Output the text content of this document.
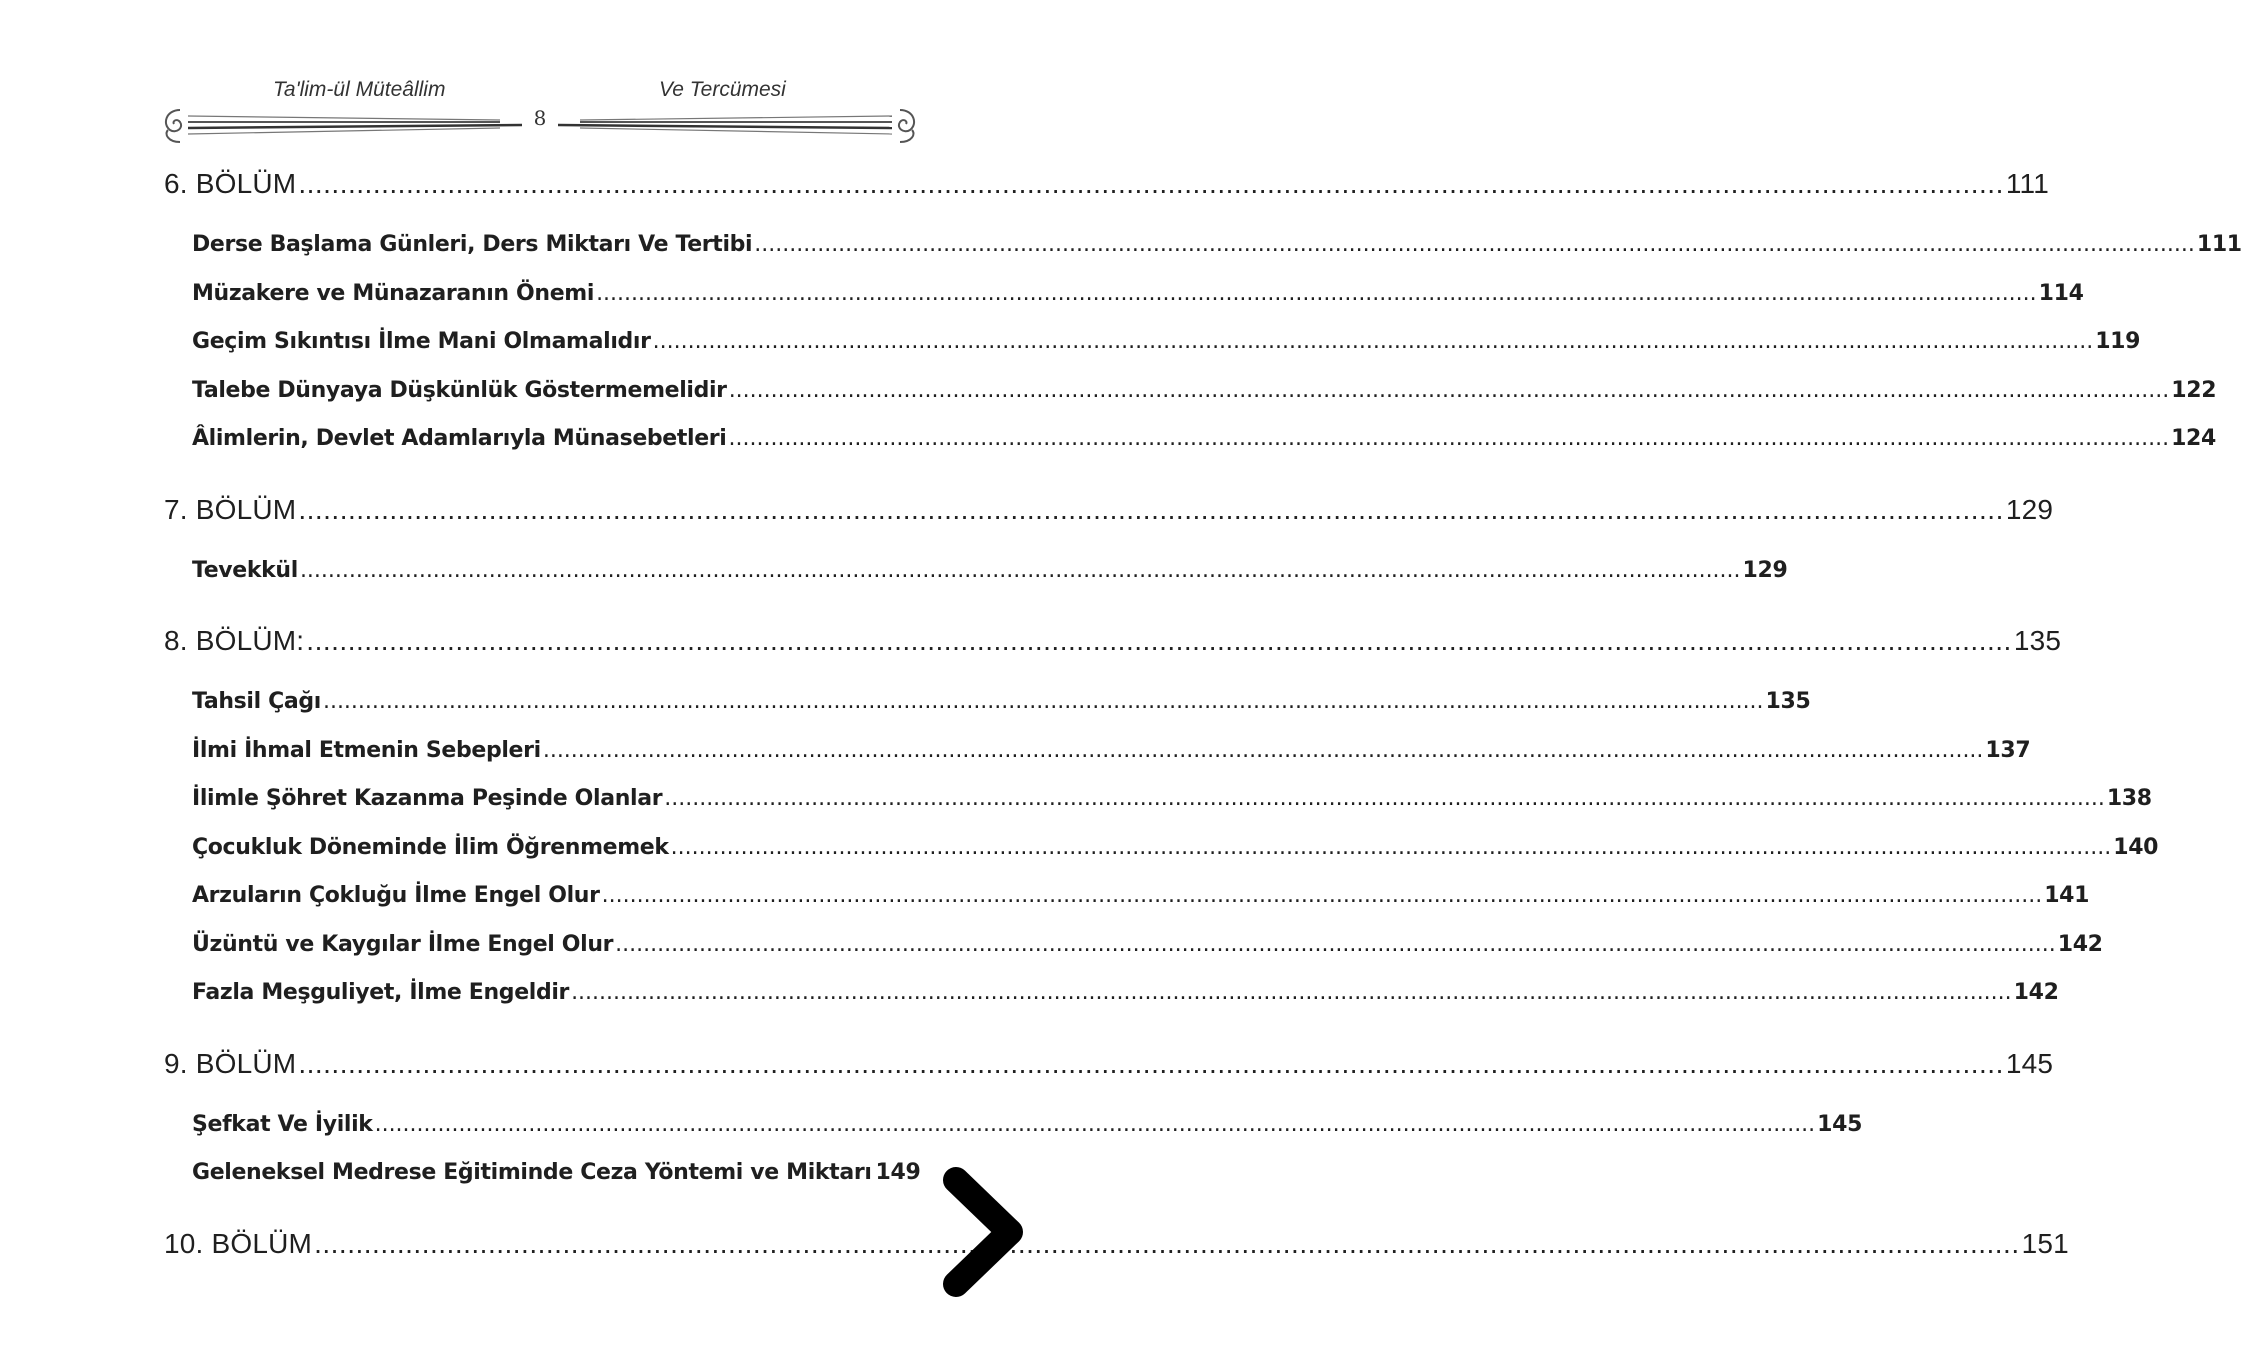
Ta'lim-ül Müteâllim	Ve Tercümesi
8
6. BÖLÜM .....	111
Derse Başlama Günleri, Ders Miktarı Ve Tertibi .....	111
Müzakere ve Münazaranın Önemi .....	114
Geçim Sıkıntısı İlme Mani Olmamalıdır .....	119
Talebe Dünyaya Düşkünlük Göstermemelidir .....	122
Âlimlerin, Devlet Adamlarıyla Münasebetleri .....	124
7. BÖLÜM .....	129
Tevekkül .....	129
8. BÖLÜM: .....	135
Tahsil Çağı .....	135
İlmi İhmal Etmenin Sebepleri .....	137
İlimle Şöhret Kazanma Peşinde Olanlar .....	138
Çocukluk Döneminde İlim Öğrenmemek .....	140
Arzuların Çokluğu İlme Engel Olur .....	141
Üzüntü ve Kaygılar İlme Engel Olur .....	142
Fazla Meşguliyet, İlme Engeldir .....	142
9. BÖLÜM .....	145
Şefkat Ve İyilik .....	145
Geleneksel Medrese Eğitiminde Ceza Yöntemi ve Miktarı 149
10. BÖLÜM .....	151
